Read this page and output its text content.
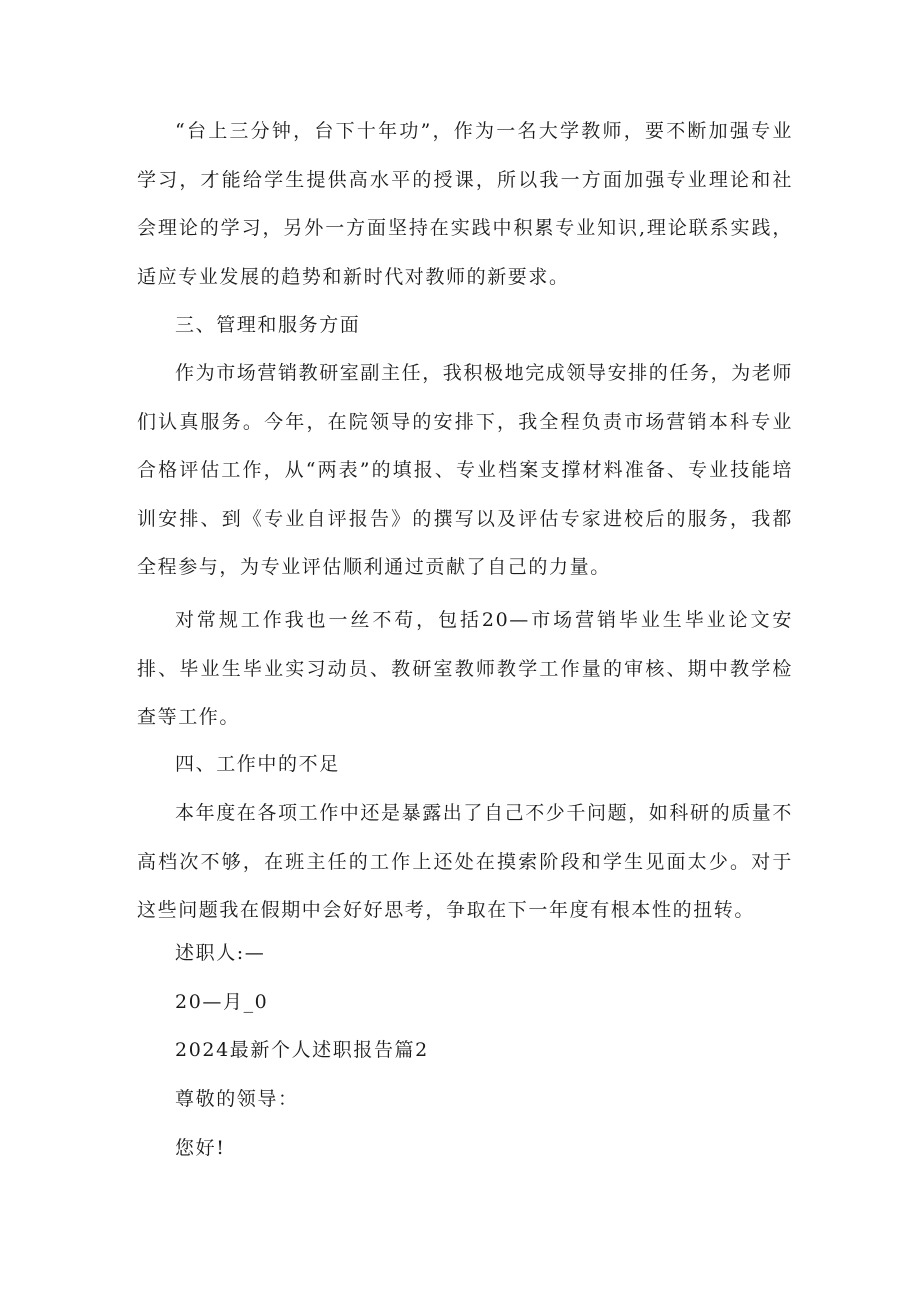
“台上三分钟，台下十年功”，作为一名大学教师，要不断加强专业学习，才能给学生提供高水平的授课，所以我一方面加强专业理论和社会理论的学习，另外一方面坚持在实践中积累专业知识,理论联系实践，适应专业发展的趋势和新时代对教师的新要求。

三、管理和服务方面

作为市场营销教研室副主任，我积极地完成领导安排的任务，为老师们认真服务。今年，在院领导的安排下，我全程负责市场营销本科专业合格评估工作，从“两表”的填报、专业档案支撑材料准备、专业技能培训安排、到《专业自评报告》的撰写以及评估专家进校后的服务，我都全程参与，为专业评估顺利通过贡献了自己的力量。

对常规工作我也一丝不苟，包括20—市场营销毕业生毕业论文安排、毕业生毕业实习动员、教研室教师教学工作量的审核、期中教学检查等工作。

四、工作中的不足

本年度在各项工作中还是暴露出了自己不少千问题，如科研的质量不高档次不够，在班主任的工作上还处在摸索阶段和学生见面太少。对于这些问题我在假期中会好好思考，争取在下一年度有根本性的扭转。

述职人:—

20—月_0

2024最新个人述职报告篇2

尊敬的领导：

您好!
